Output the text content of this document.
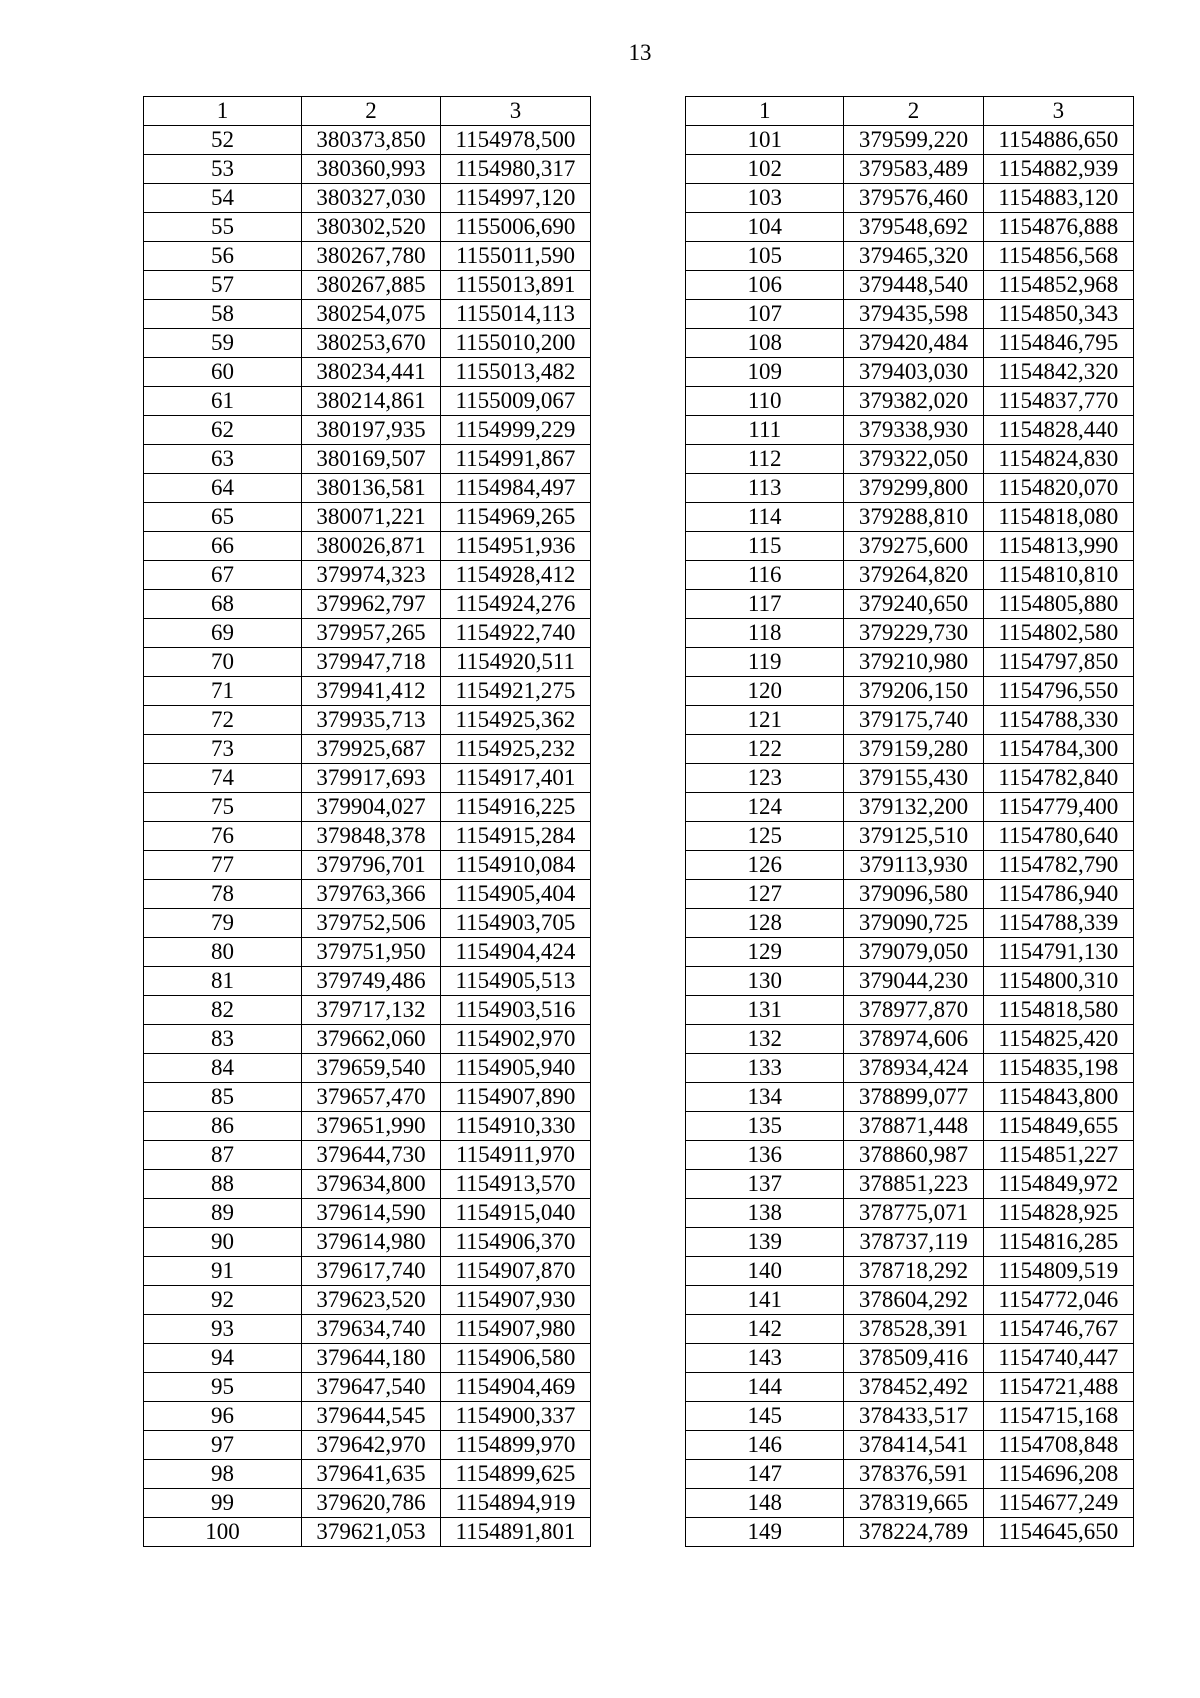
13
1	2	3
52	380373,850	1154978,500
53	380360,993	1154980,317
54	380327,030	1154997,120
55	380302,520	1155006,690
56	380267,780	1155011,590
57	380267,885	1155013,891
58	380254,075	1155014,113
59	380253,670	1155010,200
60	380234,441	1155013,482
61	380214,861	1155009,067
62	380197,935	1154999,229
63	380169,507	1154991,867
64	380136,581	1154984,497
65	380071,221	1154969,265
66	380026,871	1154951,936
67	379974,323	1154928,412
68	379962,797	1154924,276
69	379957,265	1154922,740
70	379947,718	1154920,511
71	379941,412	1154921,275
72	379935,713	1154925,362
73	379925,687	1154925,232
74	379917,693	1154917,401
75	379904,027	1154916,225
76	379848,378	1154915,284
77	379796,701	1154910,084
78	379763,366	1154905,404
79	379752,506	1154903,705
80	379751,950	1154904,424
81	379749,486	1154905,513
82	379717,132	1154903,516
83	379662,060	1154902,970
84	379659,540	1154905,940
85	379657,470	1154907,890
86	379651,990	1154910,330
87	379644,730	1154911,970
88	379634,800	1154913,570
89	379614,590	1154915,040
90	379614,980	1154906,370
91	379617,740	1154907,870
92	379623,520	1154907,930
93	379634,740	1154907,980
94	379644,180	1154906,580
95	379647,540	1154904,469
96	379644,545	1154900,337
97	379642,970	1154899,970
98	379641,635	1154899,625
99	379620,786	1154894,919
100	379621,053	1154891,801
1	2	3
101	379599,220	1154886,650
102	379583,489	1154882,939
103	379576,460	1154883,120
104	379548,692	1154876,888
105	379465,320	1154856,568
106	379448,540	1154852,968
107	379435,598	1154850,343
108	379420,484	1154846,795
109	379403,030	1154842,320
110	379382,020	1154837,770
111	379338,930	1154828,440
112	379322,050	1154824,830
113	379299,800	1154820,070
114	379288,810	1154818,080
115	379275,600	1154813,990
116	379264,820	1154810,810
117	379240,650	1154805,880
118	379229,730	1154802,580
119	379210,980	1154797,850
120	379206,150	1154796,550
121	379175,740	1154788,330
122	379159,280	1154784,300
123	379155,430	1154782,840
124	379132,200	1154779,400
125	379125,510	1154780,640
126	379113,930	1154782,790
127	379096,580	1154786,940
128	379090,725	1154788,339
129	379079,050	1154791,130
130	379044,230	1154800,310
131	378977,870	1154818,580
132	378974,606	1154825,420
133	378934,424	1154835,198
134	378899,077	1154843,800
135	378871,448	1154849,655
136	378860,987	1154851,227
137	378851,223	1154849,972
138	378775,071	1154828,925
139	378737,119	1154816,285
140	378718,292	1154809,519
141	378604,292	1154772,046
142	378528,391	1154746,767
143	378509,416	1154740,447
144	378452,492	1154721,488
145	378433,517	1154715,168
146	378414,541	1154708,848
147	378376,591	1154696,208
148	378319,665	1154677,249
149	378224,789	1154645,650
